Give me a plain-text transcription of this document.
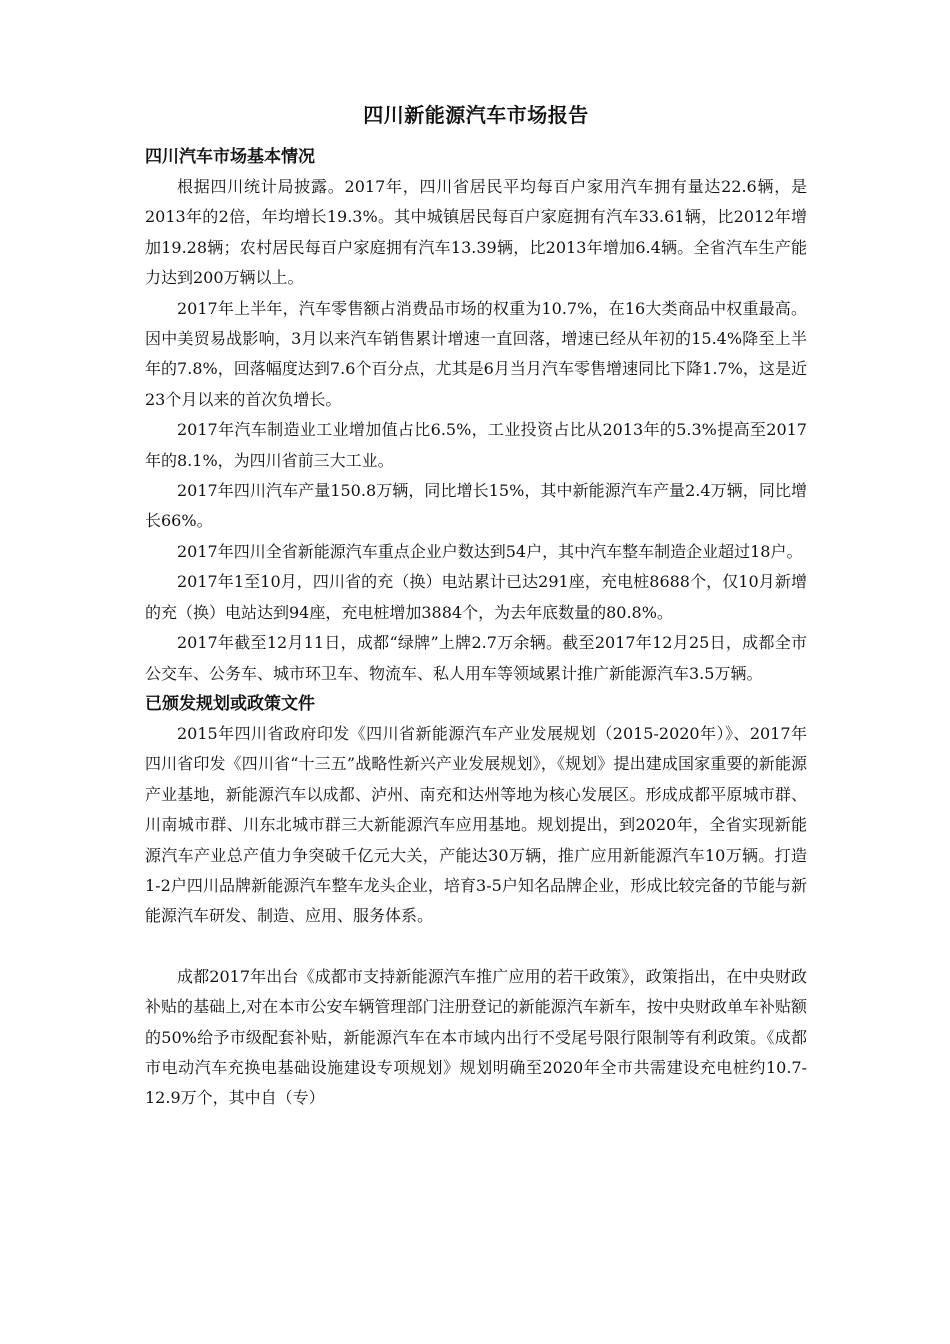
四川新能源汽车市场报告
四川汽车市场基本情况

根据四川统计局披露。2017年，四川省居民平均每百户家用汽车拥有量达22.6辆，是2013年的2倍，年均增长19.3%。其中城镇居民每百户家庭拥有汽车33.61辆，比2012年增加19.28辆；农村居民每百户家庭拥有汽车13.39辆，比2013年增加6.4辆。全省汽车生产能力达到200万辆以上。

2017年上半年，汽车零售额占消费品市场的权重为10.7%，在16大类商品中权重最高。因中美贸易战影响，3月以来汽车销售累计增速一直回落，增速已经从年初的15.4%降至上半年的7.8%，回落幅度达到7.6个百分点，尤其是6月当月汽车零售增速同比下降1.7%，这是近23个月以来的首次负增长。

2017年汽车制造业工业增加值占比6.5%，工业投资占比从2013年的5.3%提高至2017年的8.1%，为四川省前三大工业。

2017年四川汽车产量150.8万辆，同比增长15%，其中新能源汽车产量2.4万辆，同比增长66%。

2017年四川全省新能源汽车重点企业户数达到54户，其中汽车整车制造企业超过18户。

2017年1至10月，四川省的充（换）电站累计已达291座，充电桩8688个，仅10月新增的充（换）电站达到94座，充电桩增加3884个，为去年底数量的80.8%。

2017年截至12月11日，成都“绿牌”上牌2.7万余辆。截至2017年12月25日，成都全市公交车、公务车、城市环卫车、物流车、私人用车等领域累计推广新能源汽车3.5万辆。

已颁发规划或政策文件

2015年四川省政府印发《四川省新能源汽车产业发展规划（2015-2020年）》、2017年四川省印发《四川省“十三五”战略性新兴产业发展规划》，《规划》提出建成国家重要的新能源产业基地，新能源汽车以成都、泸州、南充和达州等地为核心发展区。形成成都平原城市群、川南城市群、川东北城市群三大新能源汽车应用基地。规划提出，到2020年，全省实现新能源汽车产业总产值力争突破千亿元大关，产能达30万辆，推广应用新能源汽车10万辆。打造1-2户四川品牌新能源汽车整车龙头企业，培育3-5户知名品牌企业，形成比较完备的节能与新能源汽车研发、制造、应用、服务体系。

成都2017年出台《成都市支持新能源汽车推广应用的若干政策》，政策指出，在中央财政补贴的基础上,对在本市公安车辆管理部门注册登记的新能源汽车新车，按中央财政单车补贴额的50%给予市级配套补贴，新能源汽车在本市域内出行不受尾号限行限制等有利政策。《成都市电动汽车充换电基础设施建设专项规划》规划明确至2020年全市共需建设充电桩约10.7-12.9万个，其中自（专）
